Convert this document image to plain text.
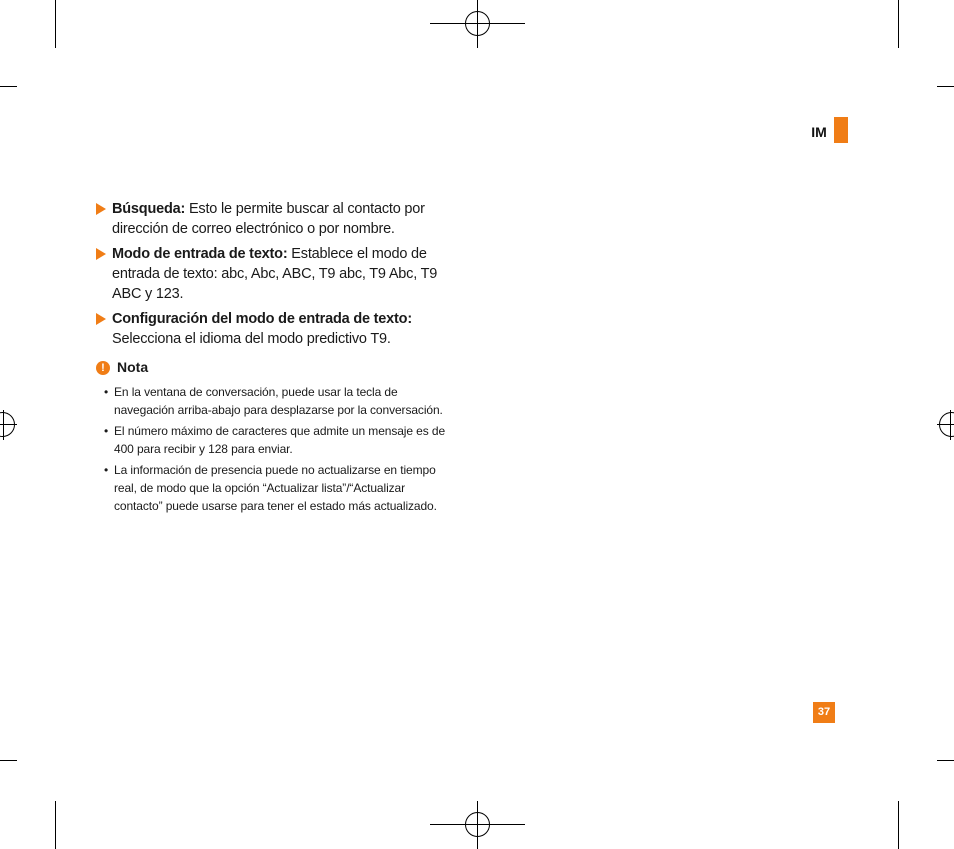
IM
Búsqueda: Esto le permite buscar al contacto por dirección de correo electrónico o por nombre.
Modo de entrada de texto: Establece el modo de entrada de texto: abc, Abc, ABC, T9 abc, T9 Abc, T9 ABC y 123.
Configuración del modo de entrada de texto: Selecciona el idioma del modo predictivo T9.
! Nota
• En la ventana de conversación, puede usar la tecla de navegación arriba-abajo para desplazarse por la conversación.
• El número máximo de caracteres que admite un mensaje es de 400 para recibir y 128 para enviar.
• La información de presencia puede no actualizarse en tiempo real, de modo que la opción “Actualizar lista”/“Actualizar contacto” puede usarse para tener el estado más actualizado.
37
